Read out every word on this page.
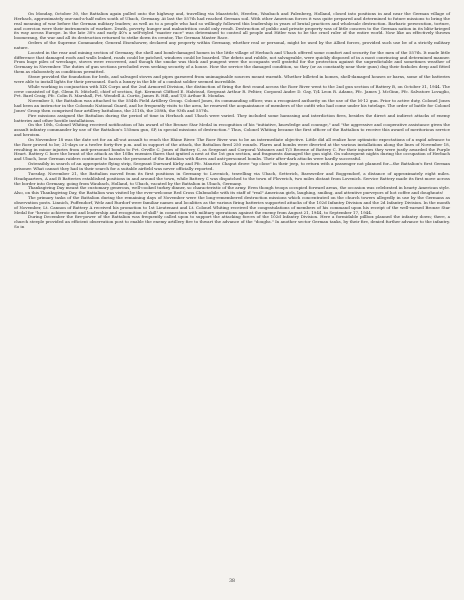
On Monday, October 30, the Battalion again pulled onto the highway and, travelling via Maastricht, Heerlen, Waubach and Palenberg, Holland, closed into positions in and near the German village of Herbach, approximately one-and-a-half miles south of Ubach, Germany. At last the 557th had reached German soil. With other American forces it was quite prepared and determined to future missions to bring the real meaning of war before the German military leaders; as well as to a people who had so willingly followed this leadership in years of brutal practices and wholesale destruction. Barbaric persecution, torture, and coercion were their instruments of warfare. Death, poverty, hunger and malnutrition could only result. Destruction of public and private property was of little concern to the German nation in its blitz-krieged its way across Europe. In the late 30's and early 40's a self-styled "master race" was determined to control all people and Hitler was to be the cruel ruler of the entire world. Now like an effectively thrown boomerang, the war and all its destruction returned to strike down its creator, The German Master Race.

Orders of the Supreme Commander, General Eisenhower, declared any property within Germany, whether real or personal, might be used by the Allied forces, provided such use be of a strictly military nature.

Located in the rear and mining section of Germany, the shell and bomb-damaged homes in the little village of Herbach and Ubach offered some comfort and security for the men of the 557th. It made little difference that damaged roofs and walls leaked, roads could be patched, windows could be boarded. The debris and rubble, not salvageable, were quickly disposed of in a most convincing and determined manner. From huge piles of wreckage, stoves were recovered, and though the smoke was thick and pungent were the occupants well grateful for the protection against the unpredictable and sometimes weather of Germany in November. The duties of gun sections precluded even seeking security of a house. How the service the damaged condition, so they (or as constantly near their guns) dug their foxholes deep and fitted them as elaborately as conditions permitted.

Straw provided the foundation for beds, and salvaged stoves and pipes garnered from unimaginable sources meant warmth. Whether billeted in homes, shell-damaged houses or barns, some of the batteries were able to install lights for their personnel. Such a luxury in the life of a combat soldier seemed incredible.

While working in conjunction with XIX Corps and the 2nd Armored Division, the distinction of firing the first round across the Roer River went to the 2nd gun section of Battery B, on October 31, 1944. The crew consisted of Sgt. Glenn R. Mitchell, chief of section, Sgt. Kermeat Clifford E. Halstead, Sergeant Arthur R. Peltier, Corporal Andre D. Gay, T/4 Leon R. Adams, Pfc. James J. McGinn, Pfc. Salvatore Lovaglio, Pvt. Bard Craig, Pfc. Colin R. Marshall, Pvt. Wendell A. Curtis, James R. Hill, and T/5 Arthur B. Mondas.

November 5, the Battalion was attached to the 554th Field Artillery Group. Colonel Jones, its commanding officer, was a recognized authority on the use of the M-12 gun. Prior to active duty, Colonel Jones had been an instructor in the Colorado National Guard, and he frequently visits to the area, he renewed the acquaintance of members of the outfit who had come under his tutelage. The order of battle for Colonel Jones' Group then comprised four artillery battalions, the 211th, the 258th, the 93th and 557th.

Fire missions assigned the Battalion during the period of time in Herbach and Ubach were varied. They included some harassing and interdiction fires, besides the direct and indirect attacks of enemy batteries and other hostile installations.

On the 10th, Colonel Whiting received notification of his award of the Bronze Star Medal in recognition of his "initiative, knowledge and courage," and "the aggressive and cooperative assistance given the assault infantry commander by use of the Battalion's 155mm gun, SP, in special missions of destruction." Thus, Colonel Whiting became the first officer of the Battalion to receive this award of meritorious service and heroism.

On November 18 was the date set for an all-out assault to reach the Rhine River. The Roer River was to be an intermediate objective. Little did all realize how optimistic expectations of a rapid advance to the Roer proved to be; 21-days or a twelve forty-five p.m. and in support of the attack, the Battalion fired 250 rounds. Flares and bombs were diverted at the various installations along the lines of November 18, resulting in minor injuries from anti-personnel bombs to Pvt. Orville C. Jones of Battery C, as Sergeant and Corporal Yatsanes and T/3 Browne of Battery C. For their injuries they were justly awarded the Purple Heart. Battery C bore the brunt of the attack as the 10lbs enemies flares that ignited a nest at the 1st gun section, and fragments damaged the gun sight. On subsequent nights during the occupation of Herbach and Ubach, lone German raiders continued to harass the personnel of the Battalion with flares and anti-personnel bombs. Their after-dark attacks were hardly successful.

Ostensibly in search of an appropriate flying strip, Sergeant Durward Kirby and Pfc. Maurice Chaput drove "up close" in their jeep, to return with a passenger not planned for—the Battalion's first German prisoner. What cannot they had in their search for a suitable airfield was never officially reported.

Tuesday, November 21, the Battalion moved from its first positions in Germany to Lovenich, travelling via Ubach, Setterich, Baesweiler and Boggendorf, a distance of approximately eight miles. Headquarters, A and B Batteries established positions in and around the town, while Battery C was dispatched to the town of Floverich, two miles distant from Lovenich. Service Battery made its first move across the border into Germany, going from Waubach, Holland, to Ubach, vacated by the Battalion in Ubach, Germany.

Thanksgiving Day meant the customary generous, well-cooked turkey dinner, so characteristic of the army. Even though troops occupied forward areas, the occasion was celebrated in hearty American style. Also, on this Thanksgiving Day, the Battalion was visited by the ever-welcome Red Cross Clubmobile with its staff of "real" American girls, laughing, smiling, and attentive purveyors of hot coffee and doughnuts!

The primary tasks of the Battalion during the remaining days of November were the long-remembered destruction missions which concentrated on the church towers allegedly in use by the Germans as observation posts. Linnich, Puffendorf, Welz and Rurdorf were familiar names and localities as the various firing batteries supported attacks of the 102d Infantry Division and the 2d Infantry Division. In the month of November, Lt. Cannon of Battery A received his promotion to 1st Lieutenant and Lt. Colonel Whiting received the congratulations of members of his command upon his receipt of the well-earned Bronze Star Medal for "heroic achievement and leadership and recognition of skill" in connection with military operations against the enemy from August 21, 1944, to September 17, 1944.

During December the fire-power of the Battalion was frequently called upon to support the attacking forces of the 102d Infantry Division. Here a formidable pillbox planned the infantry down; there, a church steeple provided an efficient observation post to enable the enemy artillery fire to thwart the advance of the "doughs." In another sector German tanks, by their fire, denied further advance to the infantry. So in

38
